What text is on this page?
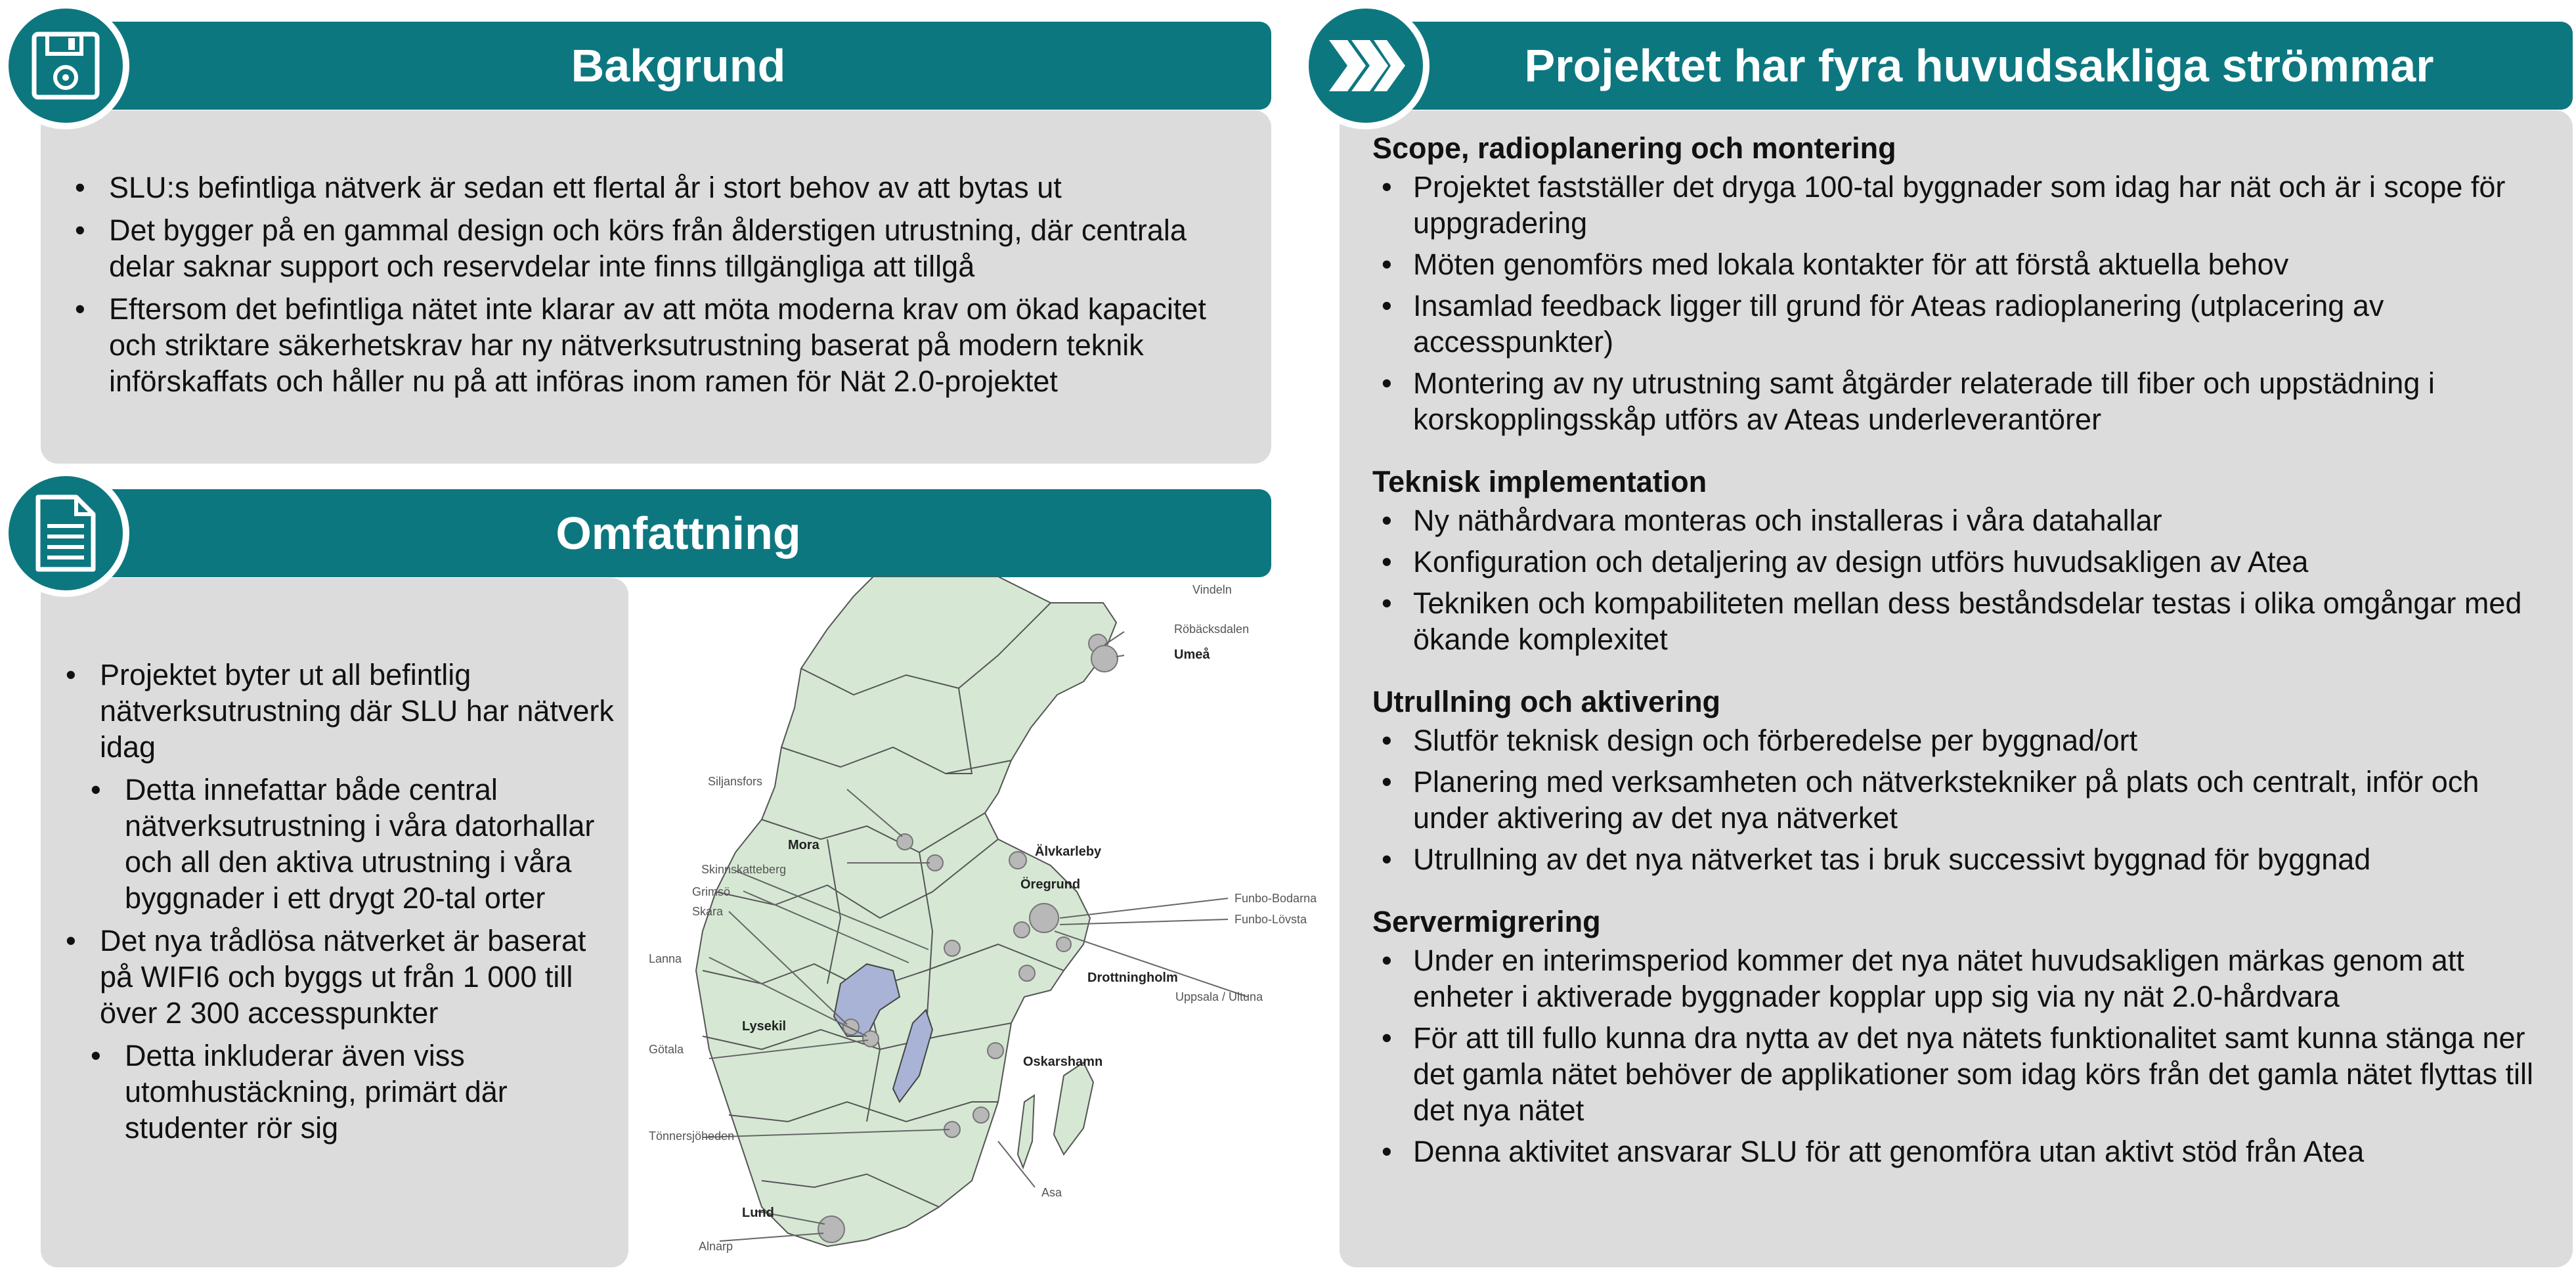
Bakgrund
• SLU:s befintliga nätverk är sedan ett flertal år i stort behov av att bytas ut
• Det bygger på en gammal design och körs från ålderstigen utrustning, där centrala delar saknar support och reservdelar inte finns tillgängliga att tillgå
• Eftersom det befintliga nätet inte klarar av att möta moderna krav om ökad kapacitet och striktare säkerhetskrav har ny nätverksutrustning baserat på modern teknik införskaffats och håller nu på att införas inom ramen för Nät 2.0-projektet
Omfattning
• Projektet byter ut all befintlig nätverksutrustning där SLU har nätverk idag
• Detta innefattar både central nätverksutrustning i våra datorhallar och all den aktiva utrustning i våra byggnader i ett drygt 20-tal orter
• Det nya trådlösa nätverket är baserat på WIFI6 och byggs ut från 1 000 till över 2 300 accesspunkter
• Detta inkluderar även viss utomhustäckning, primärt där studenter rör sig
Vindeln
Röbäcksdalen
Umeå
Siljansfors
Mora	Älvkarleby
Öregrund
Skinnskatteberg
Grimsö
Skara
Lanna
Funbo-Bodarna
Funbo-Lövsta
Drottningholm
Uppsala / Ultuna
Lysekil
Götala
Oskarshamn
Tönnersjöheden
Asa
Lund
Alnarp
Projektet har fyra huvudsakliga strömmar
Scope, radioplanering och montering
• Projektet fastställer det dryga 100-tal byggnader som idag har nät och är i scope för uppgradering
• Möten genomförs med lokala kontakter för att förstå aktuella behov
• Insamlad feedback ligger till grund för Ateas radioplanering (utplacering av accesspunkter)
• Montering av ny utrustning samt åtgärder relaterade till fiber och uppstädning i korskopplingsskåp utförs av Ateas underleverantörer
Teknisk implementation
• Ny näthårdvara monteras och installeras i våra datahallar
• Konfiguration och detaljering av design utförs huvudsakligen av Atea
• Tekniken och kompabiliteten mellan dess beståndsdelar testas i olika omgångar med ökande komplexitet
Utrullning och aktivering
• Slutför teknisk design och förberedelse per byggnad/ort
• Planering med verksamheten och nätverkstekniker på plats och centralt, inför och under aktivering av det nya nätverket
• Utrullning av det nya nätverket tas i bruk successivt byggnad för byggnad
Servermigrering
• Under en interimsperiod kommer det nya nätet huvudsakligen märkas genom att enheter i aktiverade byggnader kopplar upp sig via ny nät 2.0-hårdvara
• För att till fullo kunna dra nytta av det nya nätets funktionalitet samt kunna stänga ner det gamla nätet behöver de applikationer som idag körs från det gamla nätet flyttas till det nya nätet
• Denna aktivitet ansvarar SLU för att genomföra utan aktivt stöd från Atea
